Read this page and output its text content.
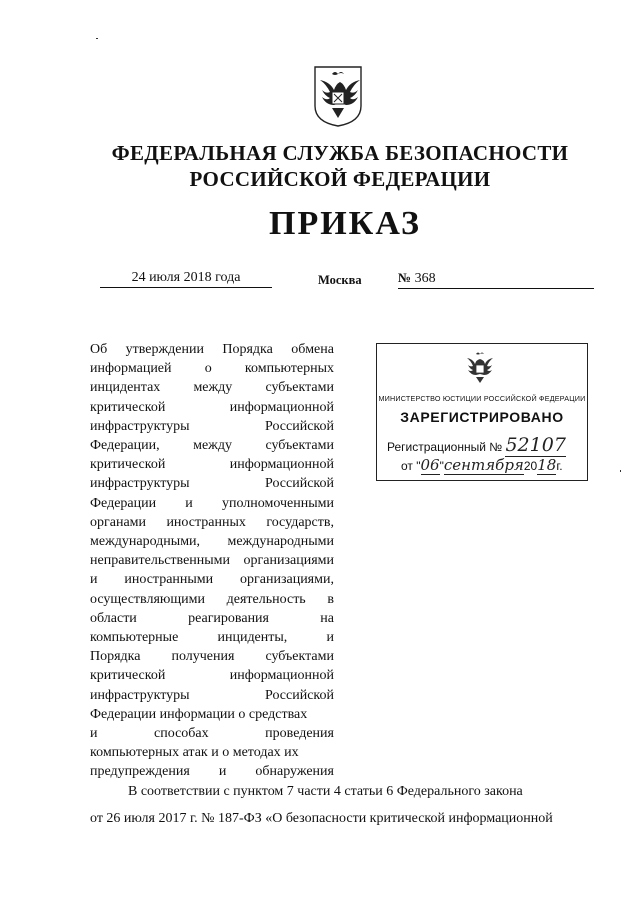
ФЕДЕРАЛЬНАЯ СЛУЖБА БЕЗОПАСНОСТИ
РОССИЙСКОЙ ФЕДЕРАЦИИ
ПРИКАЗ
24 июля 2018 года	Москва	№ 368
Об утверждении Порядка обмена
информацией о компьютерных
инцидентах между субъектами
критической	информационной
инфраструктуры	Российской
Федерации, между субъектами
критической	информационной
инфраструктуры	Российской
Федерации и уполномоченными
органами иностранных государств,
международными, международными
неправительственными организациями
и иностранными организациями,
осуществляющими деятельность в
области	реагирования	на
компьютерные	инциденты,	и
Порядка получения субъектами
критической	информационной
инфраструктуры	Российской
Федерации информации о средствах
и	способах	проведения
компьютерных атак и о методах их
предупреждения и обнаружения
МИНИСТЕРСТВО ЮСТИЦИИ РОССИЙСКОЙ ФЕДЕРАЦИИ
ЗАРЕГИСТРИРОВАНО
Регистрационный № 52107
от "06"сентября2018г.
В соответствии с пунктом 7 части 4 статьи 6 Федерального закона
от 26 июля 2017 г. № 187-ФЗ «О безопасности критической информационной
